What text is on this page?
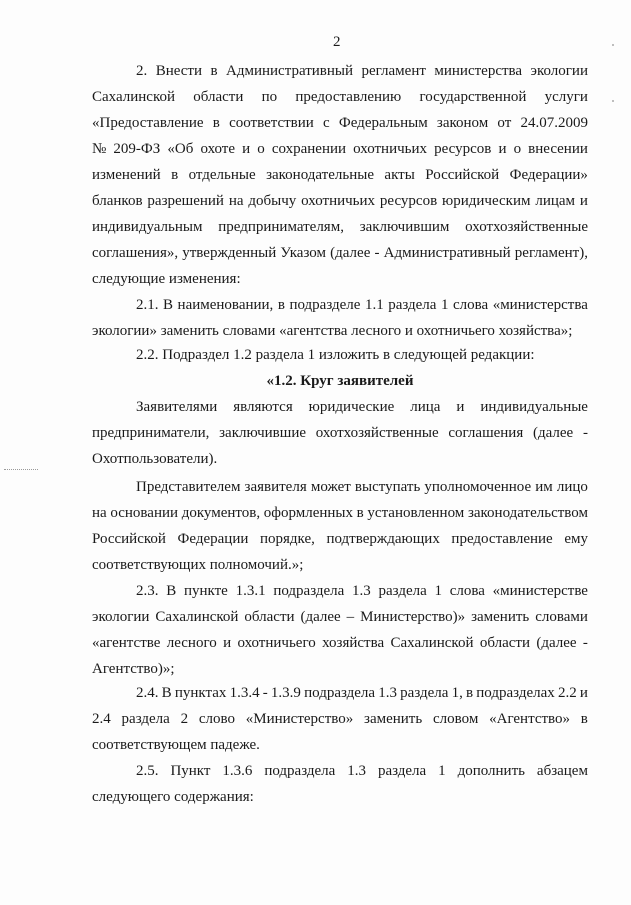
2
2. Внести в Административный регламент министерства экологии
Сахалинской области по предоставлению государственной услуги
«Предоставление в соответствии с Федеральным законом от 24.07.2009
№ 209-ФЗ «Об охоте и о сохранении охотничьих ресурсов и о внесении
изменений в отдельные законодательные акты Российской Федерации»
бланков разрешений на добычу охотничьих ресурсов юридическим лицам и
индивидуальным предпринимателям, заключившим охотхозяйственные
соглашения», утвержденный Указом (далее - Административный регламент),
следующие изменения:
2.1. В наименовании, в подразделе 1.1 раздела 1 слова «министерства
экологии» заменить словами «агентства лесного и охотничьего хозяйства»;
2.2. Подраздел 1.2 раздела 1 изложить в следующей редакции:
«1.2. Круг заявителей
Заявителями являются юридические лица и индивидуальные
предприниматели, заключившие охотхозяйственные соглашения (далее -
Охотпользователи).
Представителем заявителя может выступать уполномоченное им лицо
на основании документов, оформленных в установленном законодательством
Российской Федерации порядке, подтверждающих предоставление ему
соответствующих полномочий.»;
2.3. В пункте 1.3.1 подраздела 1.3 раздела 1 слова «министерстве
экологии Сахалинской области (далее – Министерство)» заменить словами
«агентстве лесного и охотничьего хозяйства Сахалинской области (далее -
Агентство)»;
2.4. В пунктах 1.3.4 - 1.3.9 подраздела 1.3 раздела 1, в подразделах 2.2 и
2.4 раздела 2 слово «Министерство» заменить словом «Агентство» в
соответствующем падеже.
2.5. Пункт 1.3.6 подраздела 1.3 раздела 1 дополнить абзацем
следующего содержания:
